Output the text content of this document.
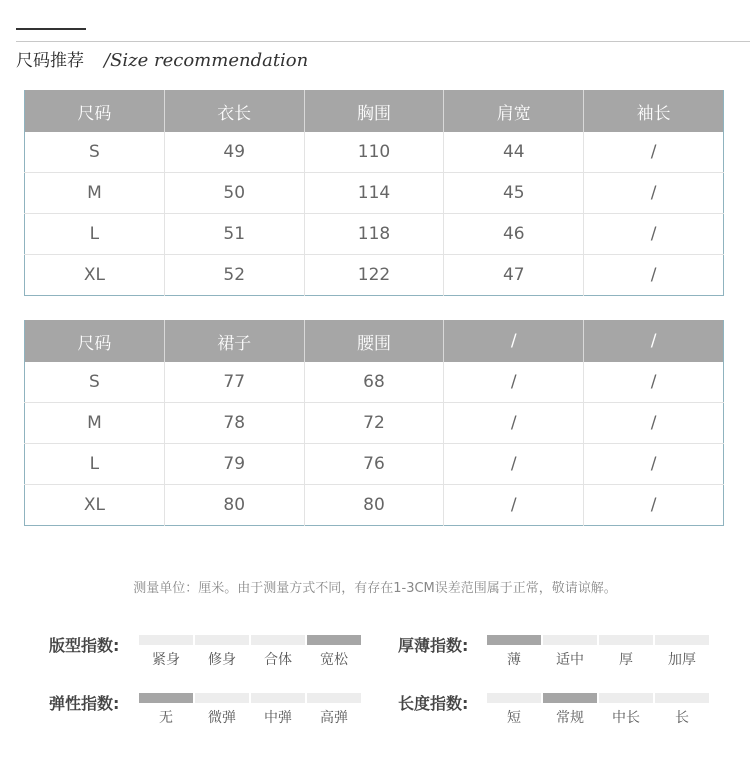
尺码推荐 /Size recommendation
尺码	衣长	胸围	肩宽	袖长
S	49	110	44	/
M	50	114	45	/
L	51	118	46	/
XL	52	122	47	/
尺码	裙子	腰围	/	/
S	77	68	/	/
M	78	72	/	/
L	79	76	/	/
XL	80	80	/	/
测量单位：厘米。由于测量方式不同，有存在1-3CM误差范围属于正常，敬请谅解。
版型指数:
紧身	修身	合体	宽松
厚薄指数:
薄	适中	厚	加厚
弹性指数:
无	微弹	中弹	高弹
长度指数:
短	常规	中长	长
